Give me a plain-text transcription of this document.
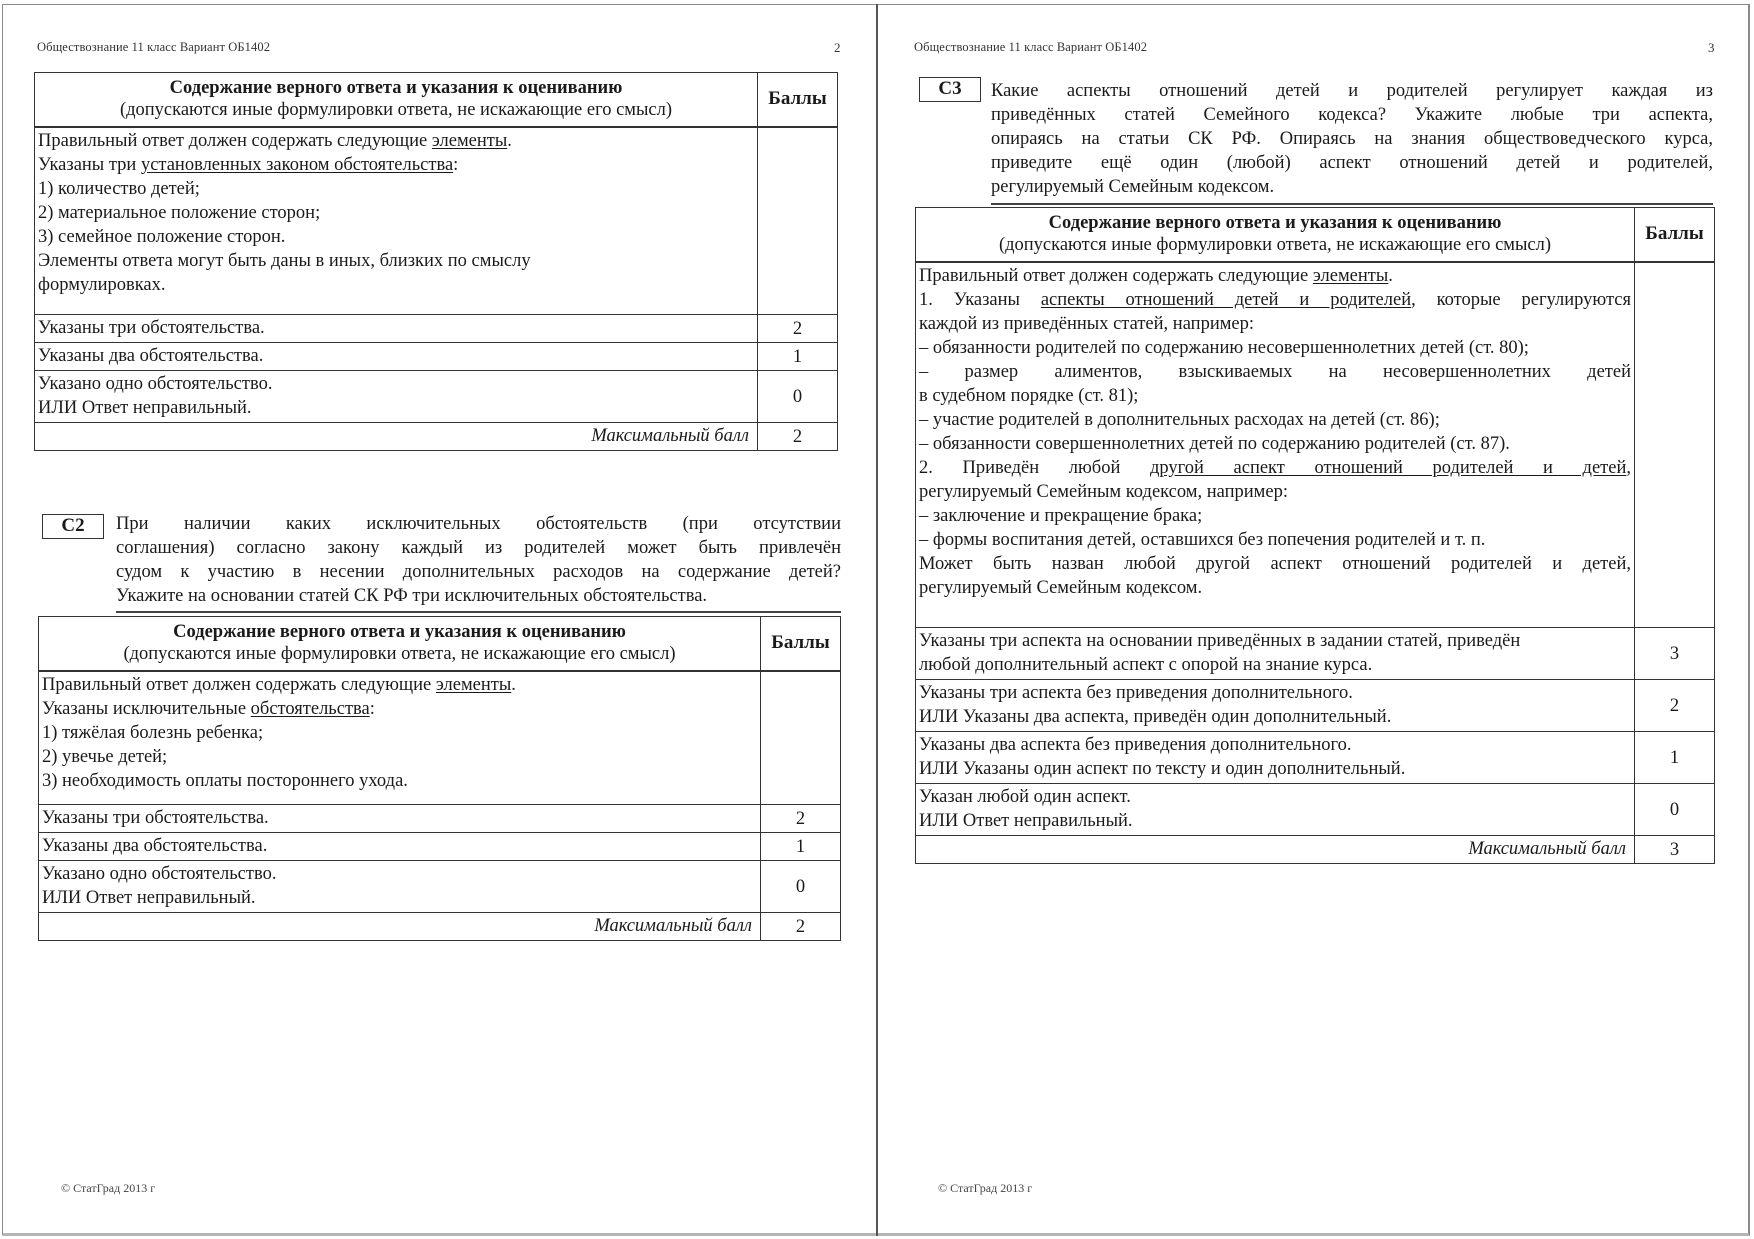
Обществознание 11 класс Вариант ОБ1402	2
Содержание верного ответа и указания к оцениванию
(допускаются иные формулировки ответа, не искажающие его смысл)	Баллы

Правильный ответ должен содержать следующие элементы.
Указаны три установленных законом обстоятельства:
1) количество детей;
2) материальное положение сторон;
3) семейное положение сторон.
Элементы ответа могут быть даны в иных, близких по смыслу
формулировках.

Указаны три обстоятельства.	2

Указаны два обстоятельства.	1

Указано одно обстоятельство.
ИЛИ Ответ неправильный.	0
Максимальный балл	2
C2	При наличии каких исключительных обстоятельств (при отсутствии
соглашения) согласно закону каждый из родителей может быть привлечён
судом к участию в несении дополнительных расходов на содержание детей?
Укажите на основании статей СК РФ три исключительных обстоятельства.
Содержание верного ответа и указания к оцениванию
(допускаются иные формулировки ответа, не искажающие его смысл)	Баллы

Правильный ответ должен содержать следующие элементы.
Указаны исключительные обстоятельства:
1) тяжёлая болезнь ребенка;
2) увечье детей;
3) необходимость оплаты постороннего ухода.	

Указаны три обстоятельства.	2

Указаны два обстоятельства.	1

Указано одно обстоятельство.
ИЛИ Ответ неправильный.	0
Максимальный балл	2
© СтатГрад 2013 г
Обществознание 11 класс Вариант ОБ1402	3
C3	Какие аспекты отношений детей и родителей регулирует каждая из
приведённых статей Семейного кодекса? Укажите любые три аспекта,
опираясь на статьи СК РФ. Опираясь на знания обществоведческого курса,
приведите ещё один (любой) аспект отношений детей и родителей,
регулируемый Семейным кодексом.
Содержание верного ответа и указания к оцениванию
(допускаются иные формулировки ответа, не искажающие его смысл)	Баллы

Правильный ответ должен содержать следующие элементы.
1. Указаны аспекты отношений детей и родителей, которые регулируются
каждой из приведённых статей, например:
– обязанности родителей по содержанию несовершеннолетних детей (ст. 80);
– размер алиментов, взыскиваемых на несовершеннолетних детей
в судебном порядке (ст. 81);
– участие родителей в дополнительных расходах на детей (ст. 86);
– обязанности совершеннолетних детей по содержанию родителей (ст. 87).
2. Приведён любой другой аспект отношений родителей и детей,
регулируемый Семейным кодексом, например:
– заключение и прекращение брака;
– формы воспитания детей, оставшихся без попечения родителей и т. п.
Может быть назван любой другой аспект отношений родителей и детей,
регулируемый Семейным кодексом.

Указаны три аспекта на основании приведённых в задании статей, приведён
любой дополнительный аспект с опорой на знание курса.	3

Указаны три аспекта без приведения дополнительного.
ИЛИ Указаны два аспекта, приведён один дополнительный.	2

Указаны два аспекта без приведения дополнительного.
ИЛИ Указаны один аспект по тексту и один дополнительный.	1

Указан любой один аспект.
ИЛИ Ответ неправильный.	0
Максимальный балл	3
© СтатГрад 2013 г
